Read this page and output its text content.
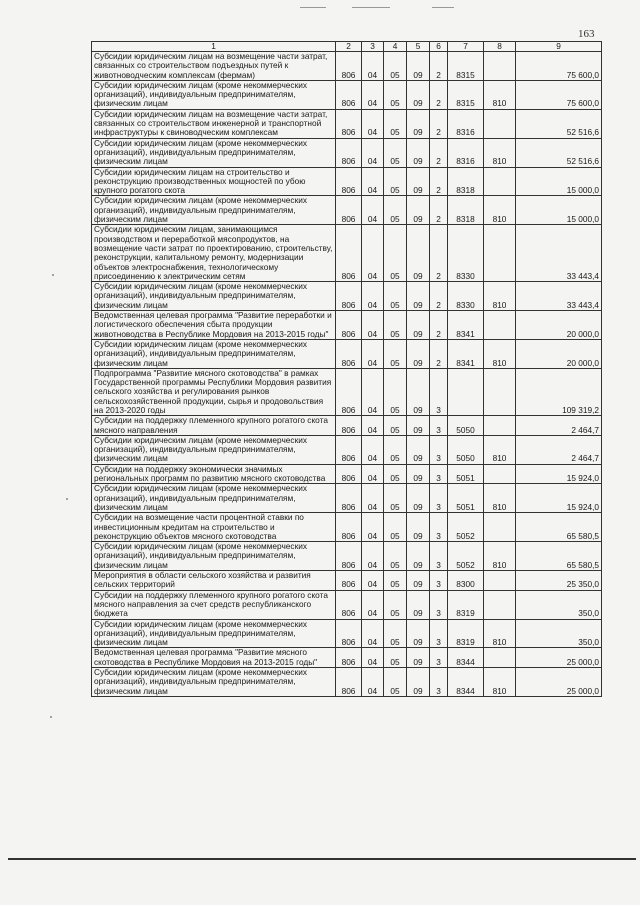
163
1	2	3	4	5	6	7	8	9
Субсидии юридическим лицам на возмещение части затрат, связанных со строительством подъездных путей к животноводческим комплексам (фермам)	806	04	05	09	2	8315		75 600,0
Субсидии юридическим лицам (кроме некоммерческих организаций), индивидуальным предпринимателям, физическим лицам	806	04	05	09	2	8315	810	75 600,0
Субсидии юридическим лицам на возмещение части затрат, связанных со строительством инженерной и транспортной инфраструктуры к свиноводческим комплексам	806	04	05	09	2	8316		52 516,6
Субсидии юридическим лицам (кроме некоммерческих организаций), индивидуальным предпринимателям, физическим лицам	806	04	05	09	2	8316	810	52 516,6
Субсидии юридическим лицам на строительство и реконструкцию производственных мощностей по убою крупного рогатого скота	806	04	05	09	2	8318		15 000,0
Субсидии юридическим лицам (кроме некоммерческих организаций), индивидуальным предпринимателям, физическим лицам	806	04	05	09	2	8318	810	15 000,0
Субсидии юридическим лицам, занимающимся производством и переработкой мясопродуктов, на возмещение части затрат по проектированию, строительству, реконструкции, капитальному ремонту, модернизации объектов электроснабжения, технологическому присоединению к электрическим сетям	806	04	05	09	2	8330		33 443,4
Субсидии юридическим лицам (кроме некоммерческих организаций), индивидуальным предпринимателям, физическим лицам	806	04	05	09	2	8330	810	33 443,4
Ведомственная целевая программа "Развитие переработки и логистического обеспечения сбыта продукции животноводства в Республике Мордовия на 2013-2015 годы"	806	04	05	09	2	8341		20 000,0
Субсидии юридическим лицам (кроме некоммерческих организаций), индивидуальным предпринимателям, физическим лицам	806	04	05	09	2	8341	810	20 000,0
Подпрограмма "Развитие мясного скотоводства" в рамках Государственной программы Республики Мордовия развития сельского хозяйства и регулирования рынков сельскохозяйственной продукции, сырья и продовольствия на 2013-2020 годы	806	04	05	09	3			109 319,2
Субсидии на поддержку племенного крупного рогатого скота мясного направления	806	04	05	09	3	5050		2 464,7
Субсидии юридическим лицам (кроме некоммерческих организаций), индивидуальным предпринимателям, физическим лицам	806	04	05	09	3	5050	810	2 464,7
Субсидии на поддержку экономически значимых региональных программ по развитию мясного скотоводства	806	04	05	09	3	5051		15 924,0
Субсидии юридическим лицам (кроме некоммерческих организаций), индивидуальным предпринимателям, физическим лицам	806	04	05	09	3	5051	810	15 924,0
Субсидии на возмещение части процентной ставки по инвестиционным кредитам на строительство и реконструкцию объектов мясного скотоводства	806	04	05	09	3	5052		65 580,5
Субсидии юридическим лицам (кроме некоммерческих организаций), индивидуальным предпринимателям, физическим лицам	806	04	05	09	3	5052	810	65 580,5
Мероприятия в области сельского хозяйства и развития сельских территорий	806	04	05	09	3	8300		25 350,0
Субсидии на поддержку племенного крупного рогатого скота мясного направления за счет средств республиканского бюджета	806	04	05	09	3	8319		350,0
Субсидии юридическим лицам (кроме некоммерческих организаций), индивидуальным предпринимателям, физическим лицам	806	04	05	09	3	8319	810	350,0
Ведомственная целевая программа "Развитие мясного скотоводства в Республике Мордовия на 2013-2015 годы"	806	04	05	09	3	8344		25 000,0
Субсидии юридическим лицам (кроме некоммерческих организаций), индивидуальным предпринимателям, физическим лицам	806	04	05	09	3	8344	810	25 000,0
